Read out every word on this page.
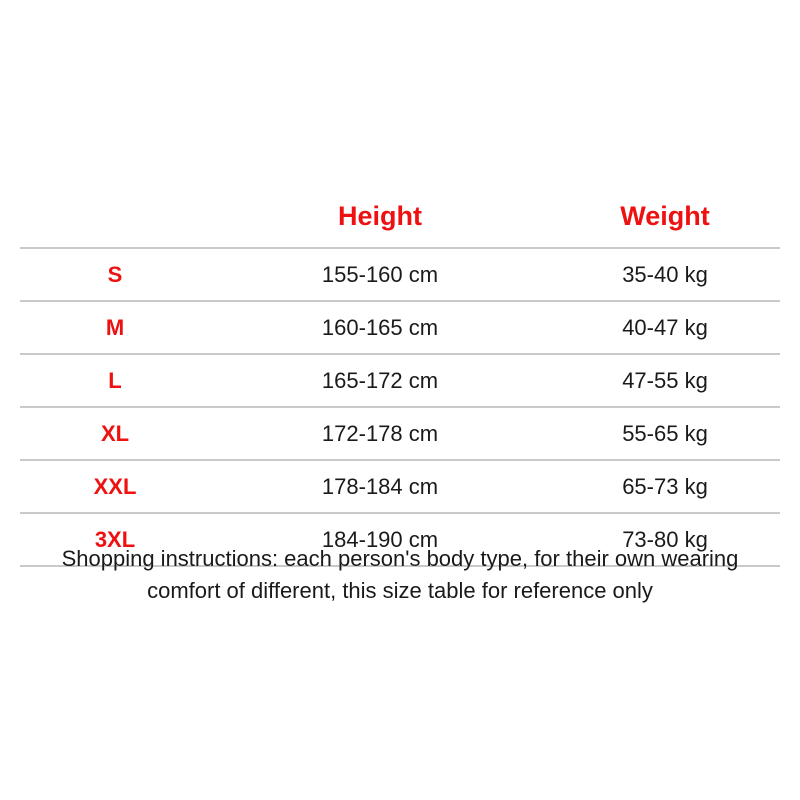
	Height	Weight
S	155-160 cm	35-40 kg
M	160-165 cm	40-47 kg
L	165-172 cm	47-55 kg
XL	172-178 cm	55-65 kg
XXL	178-184 cm	65-73 kg
3XL	184-190 cm	73-80 kg
Shopping instructions: each person's body type, for their own wearing
comfort of different, this size table for reference only
